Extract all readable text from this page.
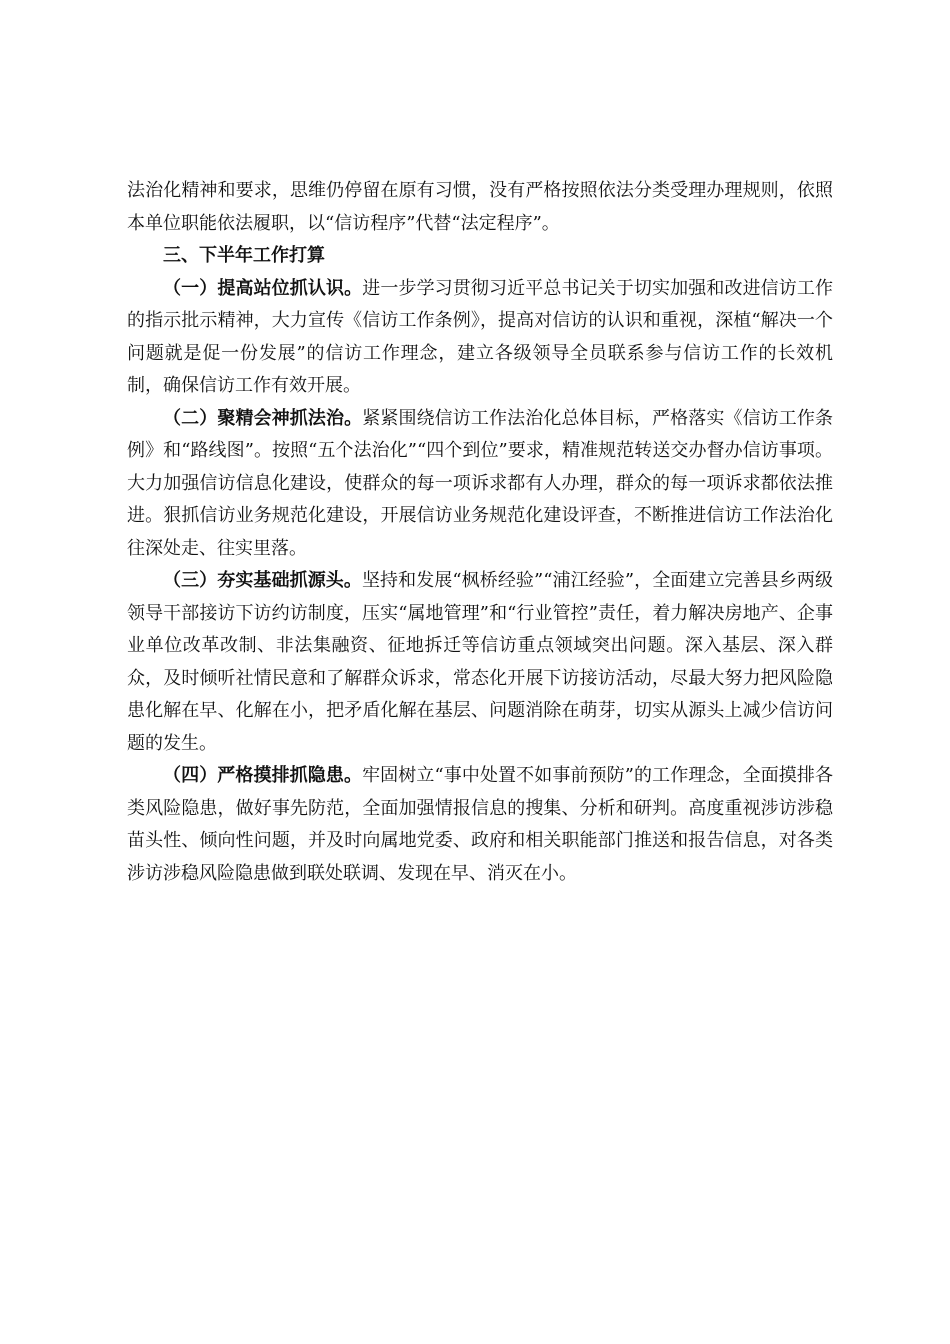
法治化精神和要求，思维仍停留在原有习惯，没有严格按照依法分类受理办理规则，依照本单位职能依法履职，以“信访程序”代替“法定程序”。

三、下半年工作打算

（一）提高站位抓认识。进一步学习贯彻习近平总书记关于切实加强和改进信访工作的指示批示精神，大力宣传《信访工作条例》，提高对信访的认识和重视，深植“解决一个问题就是促一份发展”的信访工作理念，建立各级领导全员联系参与信访工作的长效机制，确保信访工作有效开展。

（二）聚精会神抓法治。紧紧围绕信访工作法治化总体目标，严格落实《信访工作条例》和“路线图”。按照“五个法治化”“四个到位”要求，精准规范转送交办督办信访事项。大力加强信访信息化建设，使群众的每一项诉求都有人办理，群众的每一项诉求都依法推进。狠抓信访业务规范化建设，开展信访业务规范化建设评查，不断推进信访工作法治化往深处走、往实里落。

（三）夯实基础抓源头。坚持和发展“枫桥经验”“浦江经验”，全面建立完善县乡两级领导干部接访下访约访制度，压实“属地管理”和“行业管控”责任，着力解决房地产、企事业单位改革改制、非法集融资、征地拆迁等信访重点领域突出问题。深入基层、深入群众，及时倾听社情民意和了解群众诉求，常态化开展下访接访活动，尽最大努力把风险隐患化解在早、化解在小，把矛盾化解在基层、问题消除在萌芽，切实从源头上减少信访问题的发生。

（四）严格摸排抓隐患。牢固树立“事中处置不如事前预防”的工作理念，全面摸排各类风险隐患，做好事先防范，全面加强情报信息的搜集、分析和研判。高度重视涉访涉稳苗头性、倾向性问题，并及时向属地党委、政府和相关职能部门推送和报告信息，对各类涉访涉稳风险隐患做到联处联调、发现在早、消灭在小。
